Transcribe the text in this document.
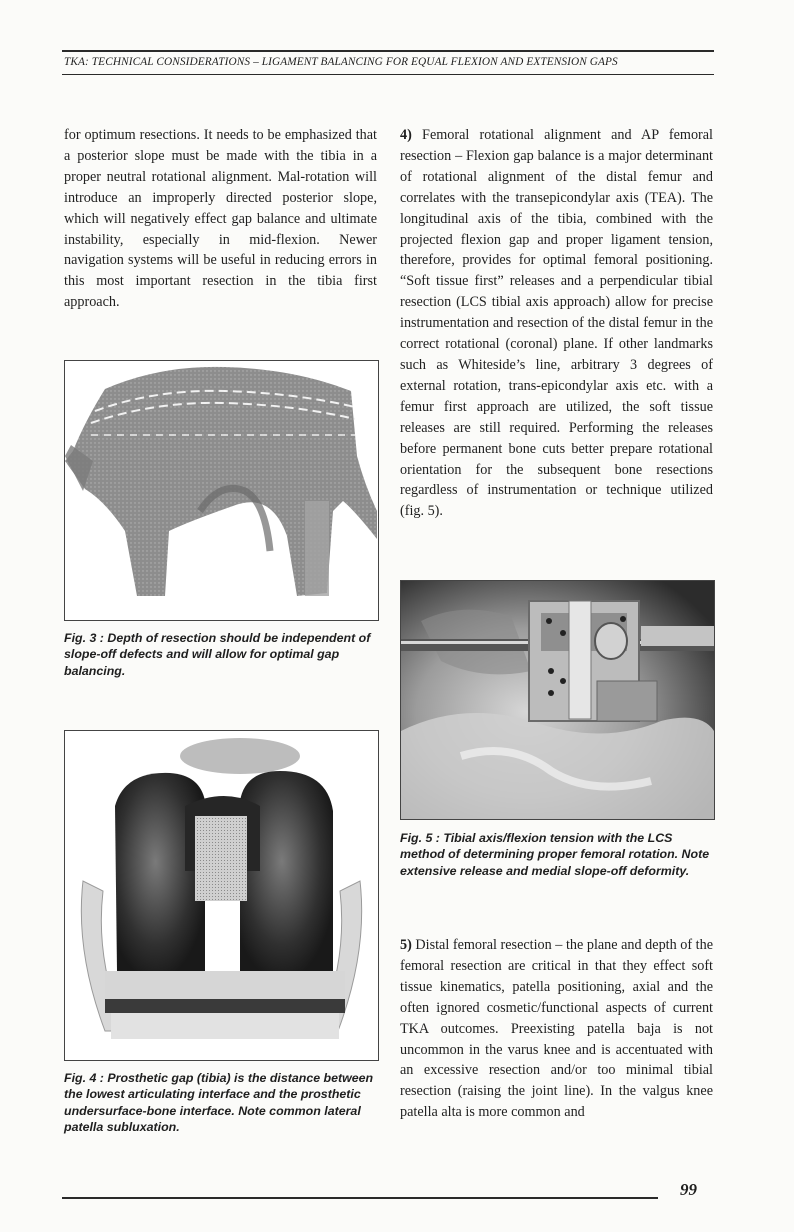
TKA: TECHNICAL CONSIDERATIONS – LIGAMENT BALANCING FOR EQUAL FLEXION AND EXTENSION GAPS

for optimum resections. It needs to be emphasized that a posterior slope must be made with the tibia in a proper neutral rotational alignment. Mal-rotation will introduce an improperly directed posterior slope, which will negatively effect gap balance and ultimate instability, especially in mid-flexion. Newer navigation systems will be useful in reducing errors in this most important resection in the tibia first approach.

Fig. 3 : Depth of resection should be independent of slope-off defects and will allow for optimal gap balancing.

Fig. 4 : Prosthetic gap (tibia) is the distance between the lowest articulating interface and the prosthetic undersurface-bone interface. Note common lateral patella subluxation.

4) Femoral rotational alignment and AP femoral resection – Flexion gap balance is a major determinant of rotational alignment of the distal femur and correlates with the transepicondylar axis (TEA). The longitudinal axis of the tibia, combined with the projected flexion gap and proper ligament tension, therefore, provides for optimal femoral positioning. “Soft tissue first” releases and a perpendicular tibial resection (LCS tibial axis approach) allow for precise instrumentation and resection of the distal femur in the correct rotational (coronal) plane. If other landmarks such as Whiteside’s line, arbitrary 3 degrees of external rotation, trans-epicondylar axis etc. with a femur first approach are utilized, the soft tissue releases are still required. Performing the releases before permanent bone cuts better prepare rotational orientation for the subsequent bone resections regardless of instrumentation or technique utilized (fig. 5).

Fig. 5 : Tibial axis/flexion tension with the LCS method of determining proper femoral rotation. Note extensive release and medial slope-off deformity.

5) Distal femoral resection – the plane and depth of the femoral resection are critical in that they effect soft tissue kinematics, patella positioning, axial and the often ignored cosmetic/functional aspects of current TKA outcomes. Preexisting patella baja is not uncommon in the varus knee and is accentuated with an excessive resection and/or too minimal tibial resection (raising the joint line). In the valgus knee patella alta is more common and

99
